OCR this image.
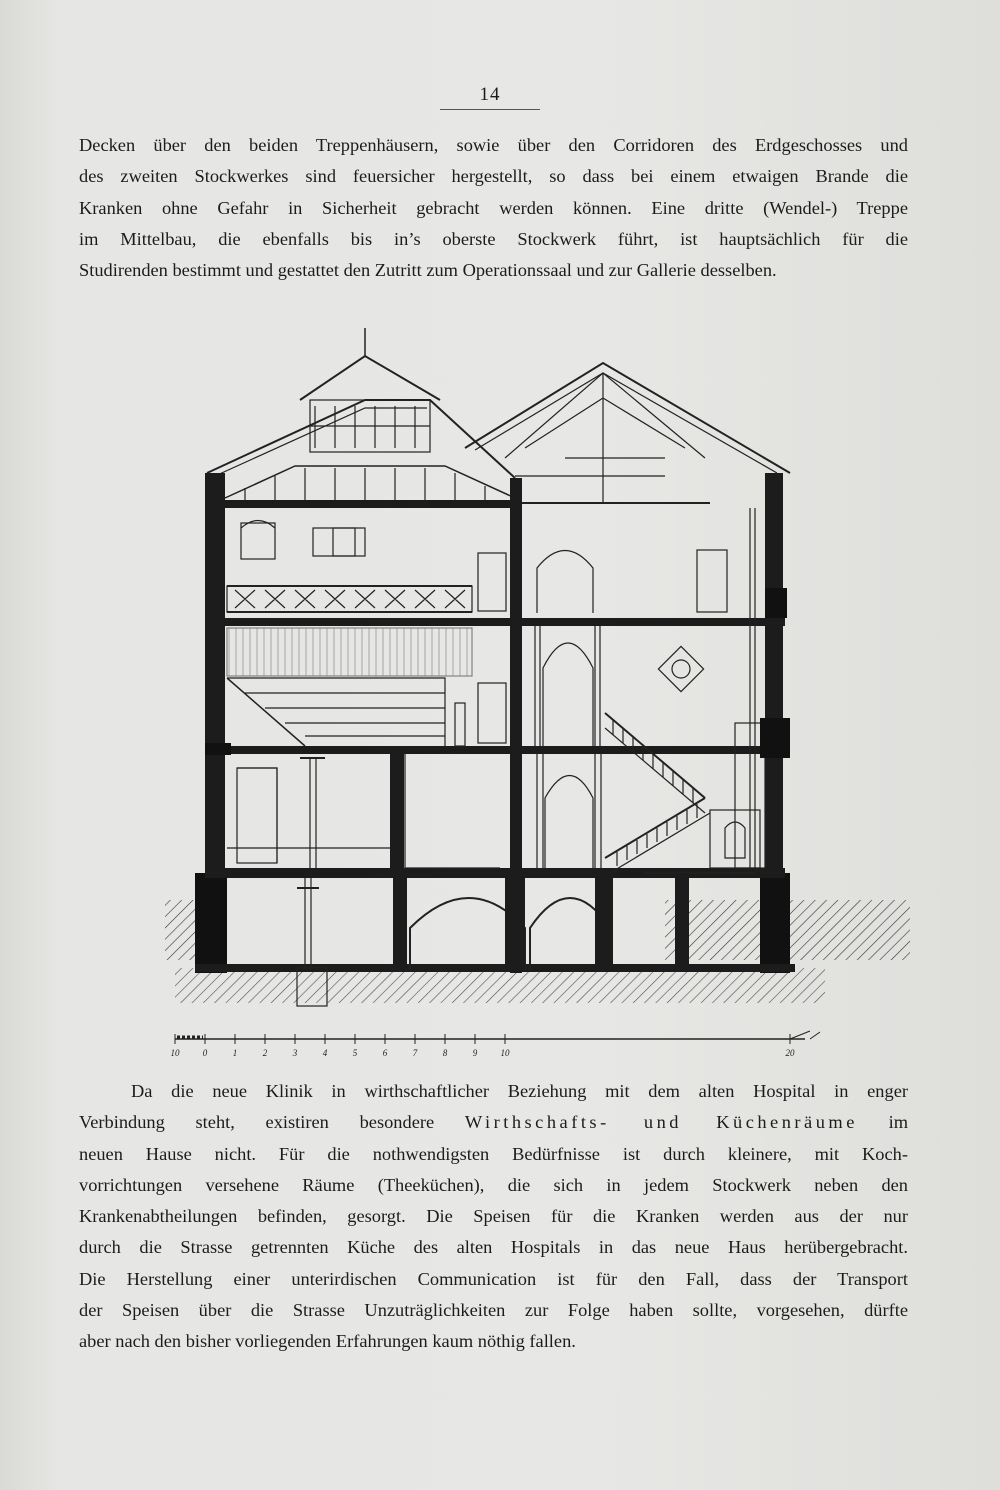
14
Decken über den beiden Treppenhäusern, sowie über den Corridoren des Erdgeschosses und
des zweiten Stockwerkes sind feuersicher hergestellt, so dass bei einem etwaigen Brande die
Kranken ohne Gefahr in Sicherheit gebracht werden können. Eine dritte (Wendel-) Treppe
im Mittelbau, die ebenfalls bis in’s oberste Stockwerk führt, ist hauptsächlich für die
Studirenden bestimmt und gestattet den Zutritt zum Operationssaal und zur Gallerie desselben.
10	0	1	2	3	4	5	6	7	8	9	10	20
Da die neue Klinik in wirthschaftlicher Beziehung mit dem alten Hospital in enger
Verbindung steht, existiren besondere Wirthschafts- und Küchenräume im
neuen Hause nicht. Für die nothwendigsten Bedürfnisse ist durch kleinere, mit Koch-
vorrichtungen versehene Räume (Theeküchen), die sich in jedem Stockwerk neben den
Krankenabtheilungen befinden, gesorgt. Die Speisen für die Kranken werden aus der nur
durch die Strasse getrennten Küche des alten Hospitals in das neue Haus herübergebracht.
Die Herstellung einer unterirdischen Communication ist für den Fall, dass der Transport
der Speisen über die Strasse Unzuträglichkeiten zur Folge haben sollte, vorgesehen, dürfte
aber nach den bisher vorliegenden Erfahrungen kaum nöthig fallen.
